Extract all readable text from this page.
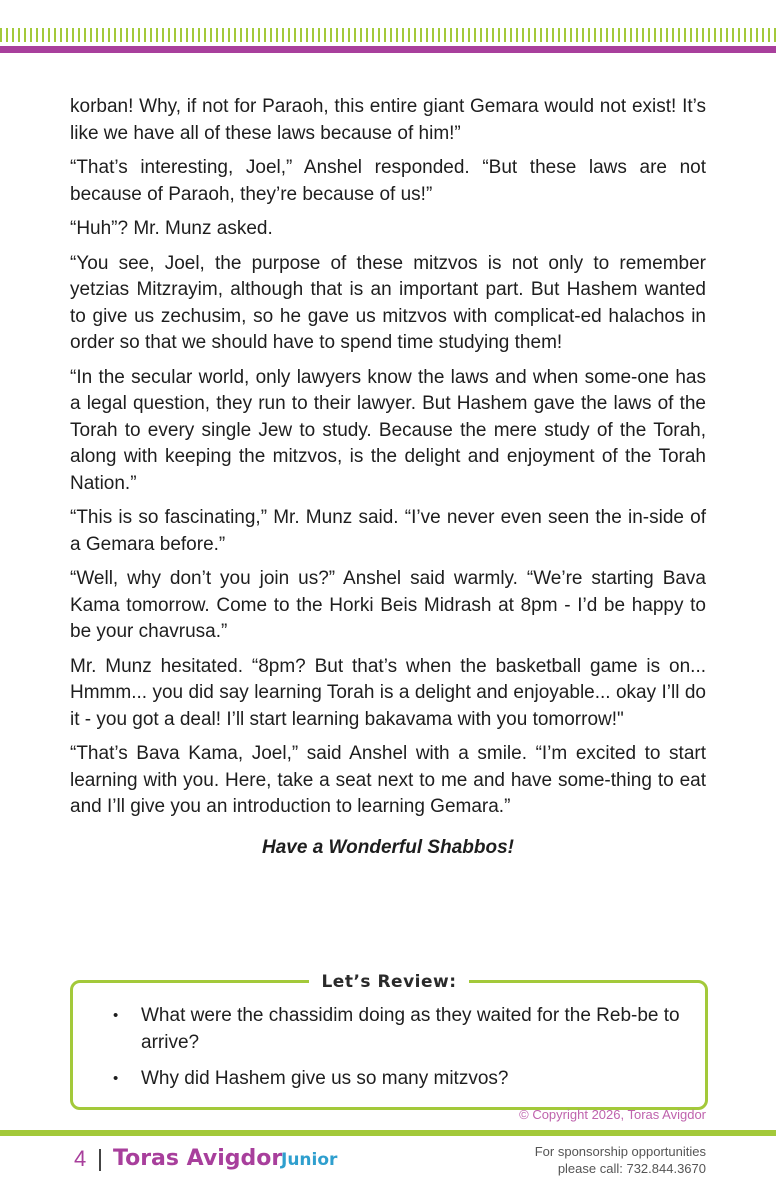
korban! Why, if not for Paraoh, this entire giant Gemara would not exist! It’s like we have all of these laws because of him!”

“That’s interesting, Joel,” Anshel responded. “But these laws are not because of Paraoh, they’re because of us!”

“Huh”? Mr. Munz asked.

“You see, Joel, the purpose of these mitzvos is not only to remember yetzias Mitzrayim, although that is an important part. But Hashem wanted to give us zechusim, so he gave us mitzvos with complicat-ed halachos in order so that we should have to spend time studying them!

“In the secular world, only lawyers know the laws and when some-one has a legal question, they run to their lawyer. But Hashem gave the laws of the Torah to every single Jew to study. Because the mere study of the Torah, along with keeping the mitzvos, is the delight and enjoyment of the Torah Nation.”

“This is so fascinating,” Mr. Munz said. “I’ve never even seen the in-side of a Gemara before.”

“Well, why don’t you join us?” Anshel said warmly. “We’re starting Bava Kama tomorrow. Come to the Horki Beis Midrash at 8pm - I’d be happy to be your chavrusa.”

Mr. Munz hesitated. “8pm? But that’s when the basketball game is on... Hmmm... you did say learning Torah is a delight and enjoyable... okay I’ll do it - you got a deal! I’ll start learning bakavama with you tomorrow!"

“That’s Bava Kama, Joel,” said Anshel with a smile. “I’m excited to start learning with you. Here, take a seat next to me and have some-thing to eat and I’ll give you an introduction to learning Gemara.”

Have a Wonderful Shabbos!

Let’s Review:
•	What were the chassidim doing as they waited for the Reb-be to arrive?
•	Why did Hashem give us so many mitzvos?
© Copyright 2026, Toras Avigdor
4 Toras Avigdor
Junior	For sponsorship opportunities
please call: 732.844.3670
